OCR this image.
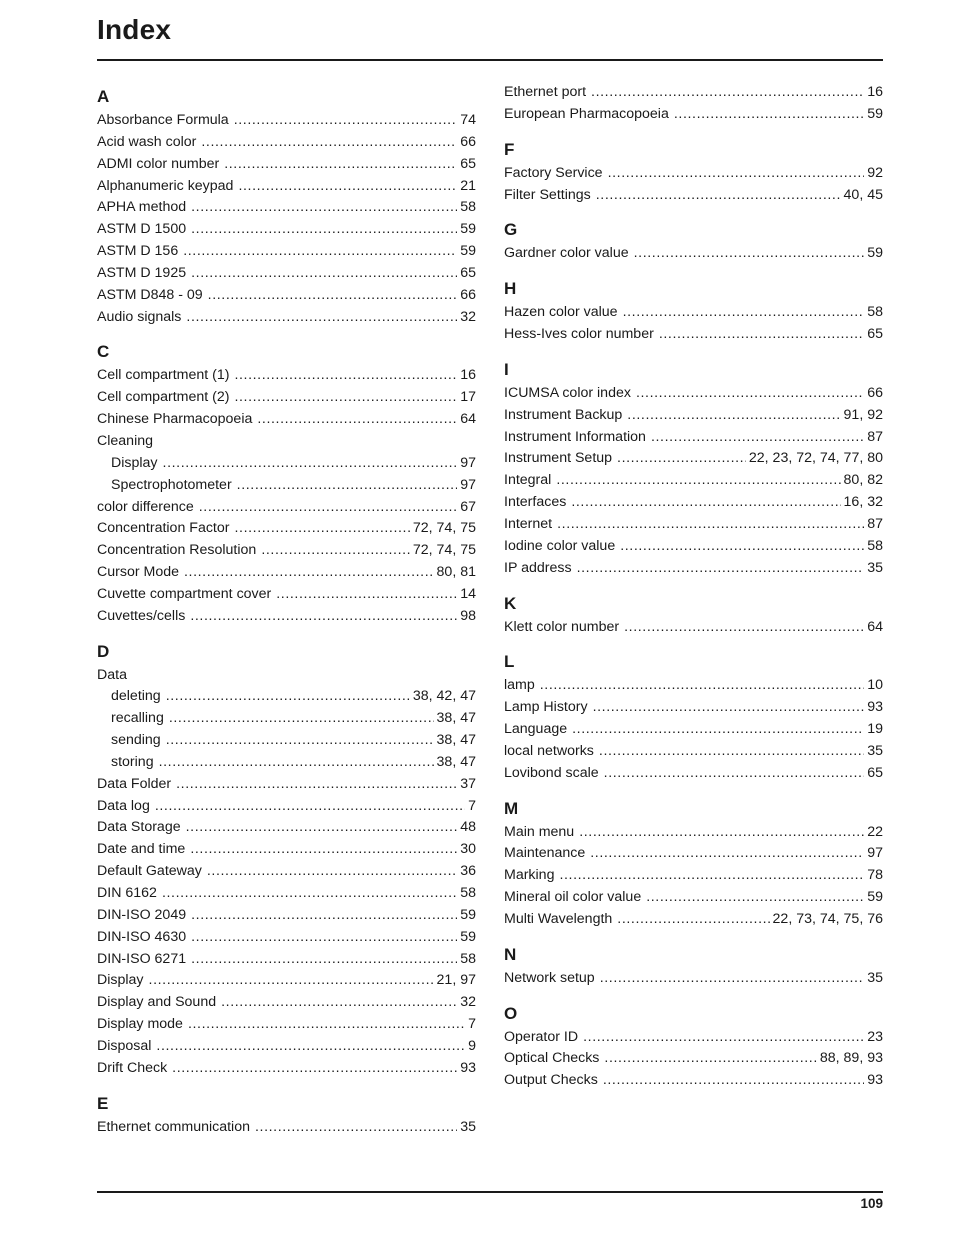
Index
A
Absorbance Formula .....	74
Acid wash color .....	66
ADMI color number .....	65
Alphanumeric keypad .....	21
APHA method .....	58
ASTM D 1500 .....	59
ASTM D 156 .....	59
ASTM D 1925 .....	65
ASTM D848 - 09 .....	66
Audio signals .....	32
C
Cell compartment (1) .....	16
Cell compartment (2) .....	17
Chinese Pharmacopoeia .....	64
Cleaning
Display .....	97
Spectrophotometer .....	97
color difference .....	67
Concentration Factor .....	72, 74, 75
Concentration Resolution .....	72, 74, 75
Cursor Mode .....	80, 81
Cuvette compartment cover .....	14
Cuvettes/cells .....	98
D
Data
deleting .....	38, 42, 47
recalling .....	38, 47
sending .....	38, 47
storing .....	38, 47
Data Folder .....	37
Data log .....	7
Data Storage .....	48
Date and time .....	30
Default Gateway .....	36
DIN 6162 .....	58
DIN-ISO 2049 .....	59
DIN-ISO 4630 .....	59
DIN-ISO 6271 .....	58
Display .....	21, 97
Display and Sound .....	32
Display mode .....	7
Disposal .....	9
Drift Check .....	93
E
Ethernet communication .....	35
Ethernet port .....	16
European Pharmacopoeia .....	59
F
Factory Service .....	92
Filter Settings .....	40, 45
G
Gardner color value .....	59
H
Hazen color value .....	58
Hess-Ives color number .....	65
I
ICUMSA color index .....	66
Instrument Backup .....	91, 92
Instrument Information .....	87
Instrument Setup .....	22, 23, 72, 74, 77, 80
Integral .....	80, 82
Interfaces .....	16, 32
Internet .....	87
Iodine color value .....	58
IP address .....	35
K
Klett color number .....	64
L
lamp .....	10
Lamp History .....	93
Language .....	19
local networks .....	35
Lovibond scale .....	65
M
Main menu .....	22
Maintenance .....	97
Marking .....	78
Mineral oil color value .....	59
Multi Wavelength .....	22, 73, 74, 75, 76
N
Network setup .....	35
O
Operator ID .....	23
Optical Checks .....	88, 89, 93
Output Checks .....	93
109
